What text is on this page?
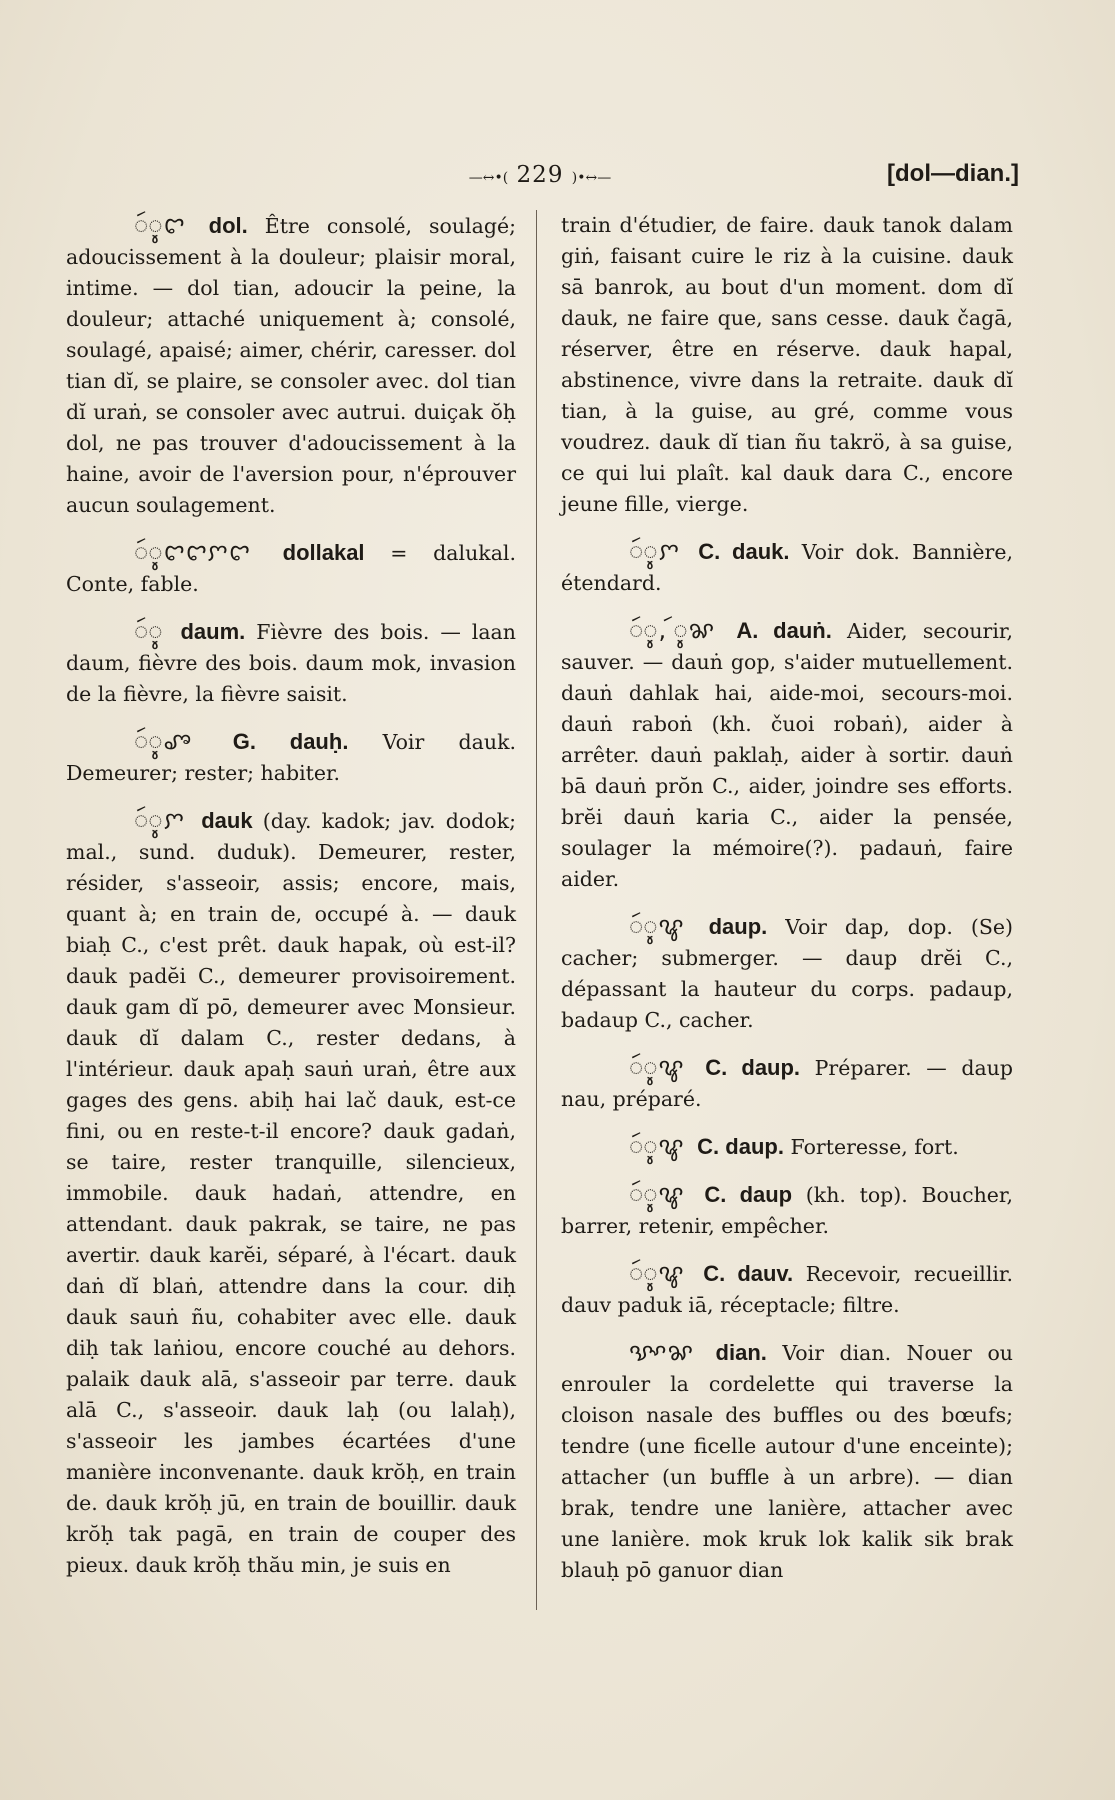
—↔•( 229 )•↔—	[dol—dian.]

ꩃꨶꨤ dol. Être consolé, soulagé; adoucissement à la douleur; plaisir moral, intime. — dol tian, adoucir la peine, la douleur; attaché uniquement à; consolé, soulagé, apaisé; aimer, chérir, caresser. dol tian dĭ, se plaire, se consoler avec. dol tian dĭ uraṅ, se consoler avec autrui. duiçak ŏḥ dol, ne pas trouver d'adoucissement à la haine, avoir de l'aversion pour, n'éprouver aucun soulagement.

ꩃꨶꨤꨤꨆꨤ dollakal = dalukal. Conte, fable.

ꩃꨶ daum. Fièvre des bois. — laan daum, fièvre des bois. daum mok, invasion de la fièvre, la fièvre saisit.

ꩃꨶꨨ G. dauḥ. Voir dauk. Demeurer; rester; habiter.

ꩃꨶꨆ dauk (day. kadok; jav. dodok; mal., sund. duduk). Demeurer, rester, résider, s'asseoir, assis; encore, mais, quant à; en train de, occupé à. — dauk biaḥ C., c'est prêt. dauk hapak, où est-il? dauk padĕi C., demeurer provisoirement. dauk gam dĭ pō, demeurer avec Monsieur. dauk dĭ dalam C., rester dedans, à l'intérieur. dauk apaḥ sauṅ uraṅ, être aux gages des gens. abiḥ hai lač dauk, est-ce fini, ou en reste-t-il encore? dauk gadaṅ, se taire, rester tranquille, silencieux, immobile. dauk hadaṅ, attendre, en attendant. dauk pakrak, se taire, ne pas avertir. dauk karĕi, séparé, à l'écart. dauk daṅ dĭ blaṅ, attendre dans la cour. diḥ dauk sauṅ ñu, cohabiter avec elle. dauk diḥ tak laṅiou, encore couché au dehors. palaik dauk alā, s'asseoir par terre. dauk alā C., s'asseoir. dauk laḥ (ou lalaḥ), s'asseoir les jambes écartées d'une manière inconvenante. dauk krŏḥ, en train de. dauk krŏḥ jū, en train de bouillir. dauk krŏḥ tak pagā, en train de couper des pieux. dauk krŏḥ thău min, je suis en

train d'étudier, de faire. dauk tanok dalam giṅ, faisant cuire le riz à la cuisine. dauk sā banrok, au bout d'un moment. dom dĭ dauk, ne faire que, sans cesse. dauk čagā, réserver, être en réserve. dauk hapal, abstinence, vivre dans la retraite. dauk dĭ tian, à la guise, au gré, comme vous voudrez. dauk dĭ tian ñu takrö, à sa guise, ce qui lui plaît. kal dauk dara C., encore jeune fille, vierge.

ꩃꨶꨆ C. dauk. Voir dok. Bannière, étendard.

ꩃꨶ, ꩃꨶꨗ A. dauṅ. Aider, secourir, sauver. — dauṅ gop, s'aider mutuellement. dauṅ dahlak hai, aide-moi, secours-moi. dauṅ raboṅ (kh. čuoi robaṅ), aider à arrêter. dauṅ paklaḥ, aider à sortir. dauṅ bā dauṅ prŏn C., aider, joindre ses efforts. brĕi dauṅ karia C., aider la pensée, soulager la mémoire(?). padauṅ, faire aider.

ꩃꨶꨥ daup. Voir dap, dop. (Se) cacher; submerger. — daup drĕi C., dépassant la hauteur du corps. padaup, badaup C., cacher.

ꩃꨶꨥ C. daup. Préparer. — daup nau, préparé.

ꩃꨶꨥ C. daup. Forteresse, fort.

ꩃꨶꨥ C. daup (kh. top). Boucher, barrer, retenir, empêcher.

ꩃꨶꨥ C. dauv. Recevoir, recueillir. dauv paduk iā, réceptacle; filtre.

ꨕꨳꨗ dian. Voir dian. Nouer ou enrouler la cordelette qui traverse la cloison nasale des buffles ou des bœufs; tendre (une ficelle autour d'une enceinte); attacher (un buffle à un arbre). — dian brak, tendre une lanière, attacher avec une lanière. mok kruk lok kalik sik brak blauḥ pō ganuor dian
